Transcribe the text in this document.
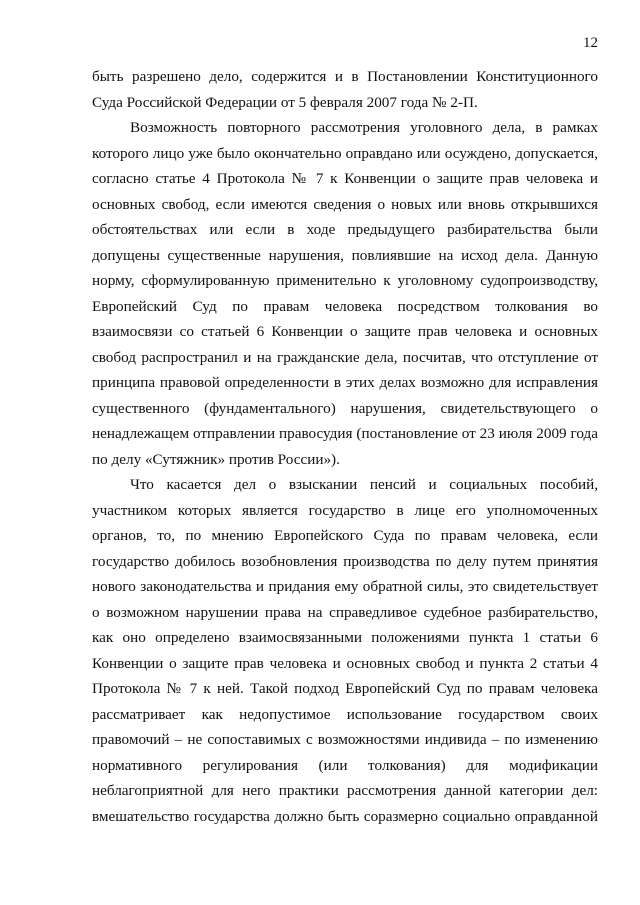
12

быть разрешено дело, содержится и в Постановлении Конституционного Суда Российской Федерации от 5 февраля 2007 года № 2-П.

Возможность повторного рассмотрения уголовного дела, в рамках которого лицо уже было окончательно оправдано или осуждено, допускается, согласно статье 4 Протокола № 7 к Конвенции о защите прав человека и основных свобод, если имеются сведения о новых или вновь открывшихся обстоятельствах или если в ходе предыдущего разбирательства были допущены существенные нарушения, повлиявшие на исход дела. Данную норму, сформулированную применительно к уголовному судопроизводству, Европейский Суд по правам человека посредством толкования во взаимосвязи со статьей 6 Конвенции о защите прав человека и основных свобод распространил и на гражданские дела, посчитав, что отступление от принципа правовой определенности в этих делах возможно для исправления существенного (фундаментального) нарушения, свидетельствующего о ненадлежащем отправлении правосудия (постановление от 23 июля 2009 года по делу «Сутяжник» против России»).

Что касается дел о взыскании пенсий и социальных пособий, участником которых является государство в лице его уполномоченных органов, то, по мнению Европейского Суда по правам человека, если государство добилось возобновления производства по делу путем принятия нового законодательства и придания ему обратной силы, это свидетельствует о возможном нарушении права на справедливое судебное разбирательство, как оно определено взаимосвязанными положениями пункта 1 статьи 6 Конвенции о защите прав человека и основных свобод и пункта 2 статьи 4 Протокола № 7 к ней. Такой подход Европейский Суд по правам человека рассматривает как недопустимое использование государством своих правомочий – не сопоставимых с возможностями индивида – по изменению нормативного регулирования (или толкования) для модификации неблагоприятной для него практики рассмотрения данной категории дел: вмешательство государства должно быть соразмерно социально оправданной
